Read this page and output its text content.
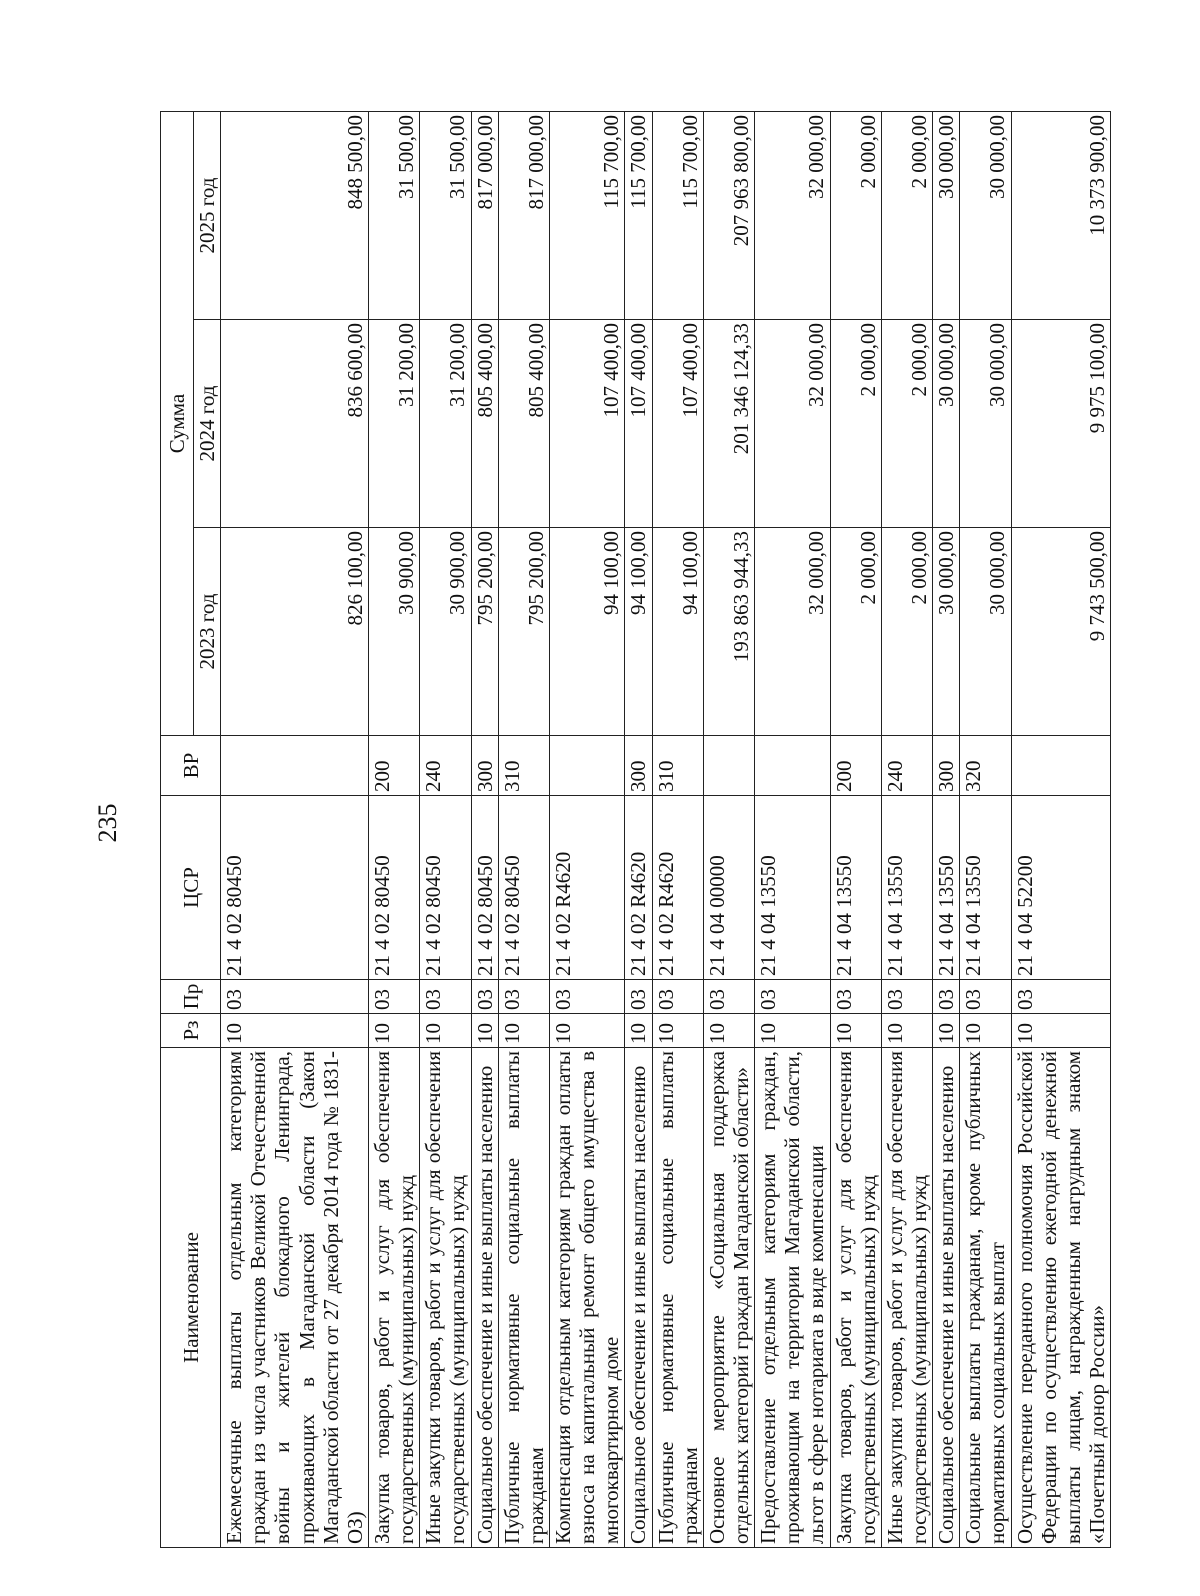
235
Наименование	Рз	Пр	ЦСР	ВР	Сумма		
					2023 год	2024 год	2025 год
Ежемесячные выплаты отдельным категориям граждан из числа участников Великой Отечественной войны и жителей блокадного Ленинграда, проживающих в Магаданской области (Закон Магаданской области от 27 декабря 2014 года № 1831-ОЗ)	10	03	21 4 02 80450		826 100,00	836 600,00	848 500,00
Закупка товаров, работ и услуг для обеспечения государственных (муниципальных) нужд	10	03	21 4 02 80450	200	30 900,00	31 200,00	31 500,00
Иные закупки товаров, работ и услуг для обеспечения государственных (муниципальных) нужд	10	03	21 4 02 80450	240	30 900,00	31 200,00	31 500,00
Социальное обеспечение и иные выплаты населению	10	03	21 4 02 80450	300	795 200,00	805 400,00	817 000,00
Публичные нормативные социальные выплаты гражданам	10	03	21 4 02 80450	310	795 200,00	805 400,00	817 000,00
Компенсация отдельным категориям граждан оплаты взноса на капитальный ремонт общего имущества в многоквартирном доме	10	03	21 4 02 R4620		94 100,00	107 400,00	115 700,00
Социальное обеспечение и иные выплаты населению	10	03	21 4 02 R4620	300	94 100,00	107 400,00	115 700,00
Публичные нормативные социальные выплаты гражданам	10	03	21 4 02 R4620	310	94 100,00	107 400,00	115 700,00
Основное мероприятие «Социальная поддержка отдельных категорий граждан Магаданской области»	10	03	21 4 04 00000		193 863 944,33	201 346 124,33	207 963 800,00
Предоставление отдельным категориям граждан, проживающим на территории Магаданской области, льгот в сфере нотариата в виде компенсации	10	03	21 4 04 13550		32 000,00	32 000,00	32 000,00
Закупка товаров, работ и услуг для обеспечения государственных (муниципальных) нужд	10	03	21 4 04 13550	200	2 000,00	2 000,00	2 000,00
Иные закупки товаров, работ и услуг для обеспечения государственных (муниципальных) нужд	10	03	21 4 04 13550	240	2 000,00	2 000,00	2 000,00
Социальное обеспечение и иные выплаты населению	10	03	21 4 04 13550	300	30 000,00	30 000,00	30 000,00
Социальные выплаты гражданам, кроме публичных нормативных социальных выплат	10	03	21 4 04 13550	320	30 000,00	30 000,00	30 000,00
Осуществление переданного полномочия Российской Федерации по осуществлению ежегодной денежной выплаты лицам, награжденным нагрудным знаком «Почетный донор России»	10	03	21 4 04 52200		9 743 500,00	9 975 100,00	10 373 900,00
